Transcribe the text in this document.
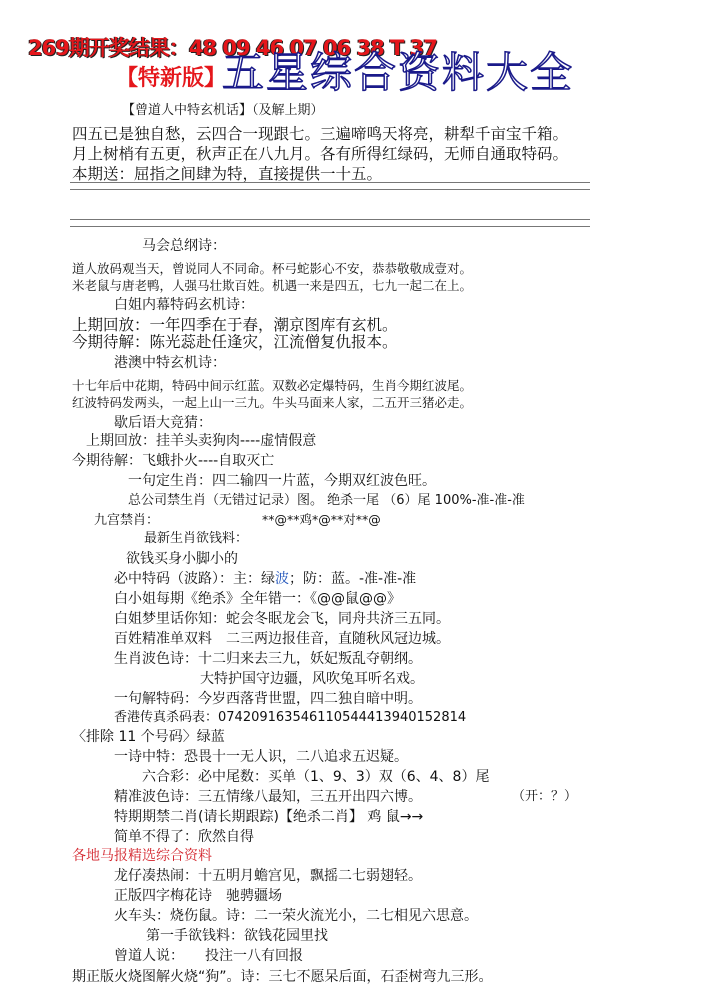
269期开奖结果：48 09 46 07 06 38 T 37
【特新版】
五星综合资料大全
【曾道人中特玄机话】（及解上期）
四五已是独自愁，云四合一现跟七。三遍啼鸣天将亮，耕犁千亩宝千箱。
月上树梢有五更，秋声正在八九月。各有所得红绿码，无师自通取特码。
本期送：屈指之间肆为特，直接提供一十五。
马会总纲诗：
道人放码观当天，曾说同人不同命。杯弓蛇影心不安，恭恭敬敬成壹对。
米老鼠与唐老鸭，人强马壮欺百姓。机遇一来是四五，七九一起二在上。
白姐内幕特码玄机诗：
上期回放：一年四季在于春，潮京图库有玄机。
今期待解：陈光蕊赴任逢灾，江流僧复仇报本。
港澳中特玄机诗：
十七年后中花期，特码中间示红蓝。双数必定爆特码，生肖今期红波尾。
红波特码发两头，一起上山一三九。牛头马面来人家，二五开三猪必走。
歇后语大竞猜：
上期回放：挂羊头卖狗肉----虚情假意
今期待解：飞蛾扑火----自取灭亡
一句定生肖：四二输四一片蓝，今期双红波色旺。
总公司禁生肖（无错过记录）图。 绝杀一尾 （6）尾 100%-准-准-准
九宫禁肖：	**@**鸡*@**对**@
最新生肖欲钱料：
欲钱买身小脚小的
必中特码（波路）：主：绿波；防：蓝。-准-准-准
白小姐每期《绝杀》全年错一：《@@鼠@@》
白姐梦里话你知：蛇会冬眠龙会飞，同舟共济三五同。
百姓精准单双料　二三两边报佳音，直随秋风冠边城。
生肖波色诗：十二归来去三九，妖妃叛乱夺朝纲。
大特护国守边疆，风吹兔耳听名戏。
一句解特码：今岁西落背世盟，四二独自暗中明。
香港传真杀码表：07420916354611054441394015281​4
〈排除 11 个号码〉绿蓝
一诗中特：恐畏十一无人识，二八追求五迟疑。
六合彩：必中尾数：买单（1、9、3）双（6、4、8）尾
精准波色诗：三五情缘八最知，三五开出四六博。	（开：？）
特期期禁二肖(请长期跟踪)【绝杀二肖】 鸡 鼠→→
简单不得了：欣然自得
各地马报精选综合资料
龙仔凑热闹：十五明月蟾宫见，飘摇二七弱翅轻。
正版四字梅花诗　驰骋疆场
火车头：烧伤鼠。诗：二一荣火流光小，二七相见六思意。
第一手欲钱料：欲钱花园里找
曾道人说：　　投注一八有回报
期正版火烧图解火烧“狗”。诗：三七不愿呆后面，石歪树弯九三形。
